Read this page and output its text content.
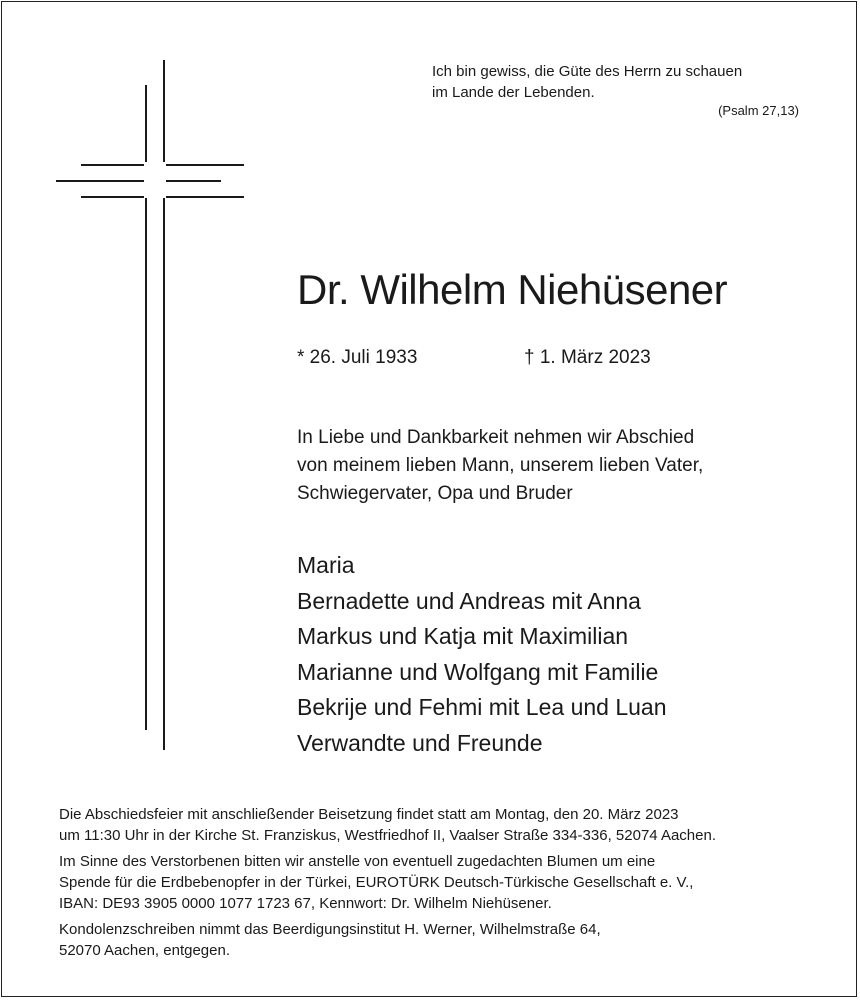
Ich bin gewiss, die Güte des Herrn zu schauen
im Lande der Lebenden.
(Psalm 27,13)
Dr. Wilhelm Niehüsener
* 26. Juli 1933	† 1. März 2023
In Liebe und Dankbarkeit nehmen wir Abschied
von meinem lieben Mann, unserem lieben Vater,
Schwiegervater, Opa und Bruder
Maria
Bernadette und Andreas mit Anna
Markus und Katja mit Maximilian
Marianne und Wolfgang mit Familie
Bekrije und Fehmi mit Lea und Luan
Verwandte und Freunde

Die Abschiedsfeier mit anschließender Beisetzung findet statt am Montag, den 20. März 2023
um 11:30 Uhr in der Kirche St. Franziskus, Westfriedhof II, Vaalser Straße 334-336, 52074 Aachen.

Im Sinne des Verstorbenen bitten wir anstelle von eventuell zugedachten Blumen um eine
Spende für die Erdbebenopfer in der Türkei, EUROTÜRK Deutsch-Türkische Gesellschaft e. V.,
IBAN: DE93 3905 0000 1077 1723 67, Kennwort: Dr. Wilhelm Niehüsener.

Kondolenzschreiben nimmt das Beerdigungsinstitut H. Werner, Wilhelmstraße 64,
52070 Aachen, entgegen.
